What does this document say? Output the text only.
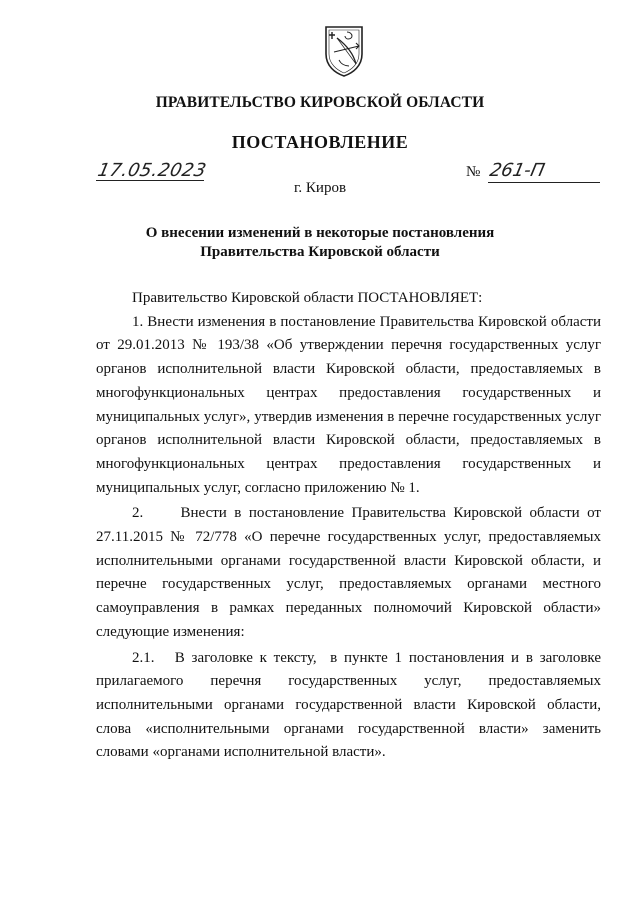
ПРАВИТЕЛЬСТВО КИРОВСКОЙ ОБЛАСТИ
ПОСТАНОВЛЕНИЕ
17.05.2023	№ 261-П
г. Киров
О внесении изменений в некоторые постановления
Правительства Кировской области

Правительство Кировской области ПОСТАНОВЛЯЕТ:

1. Внести изменения в постановление Правительства Кировской области от 29.01.2013 № 193/38 «Об утверждении перечня государственных услуг органов исполнительной власти Кировской области, предоставляемых в многофункциональных центрах предоставления государственных и муниципальных услуг», утвердив изменения в перечне государственных услуг органов исполнительной власти Кировской области, предоставляемых в многофункциональных центрах предоставления государственных и муниципальных услуг, согласно приложению № 1.

2.     Внести в постановление Правительства Кировской области от 27.11.2015 № 72/778 «О перечне государственных услуг, предоставляемых исполнительными органами государственной власти Кировской области, и перечне государственных услуг, предоставляемых органами местного самоуправления в рамках переданных полномочий Кировской области» следующие изменения:

2.1.   В заголовке к тексту,  в пункте 1 постановления и в заголовке прилагаемого перечня государственных услуг, предоставляемых исполнительными органами государственной власти Кировской области, слова «исполнительными органами государственной власти» заменить словами «органами исполнительной власти».
